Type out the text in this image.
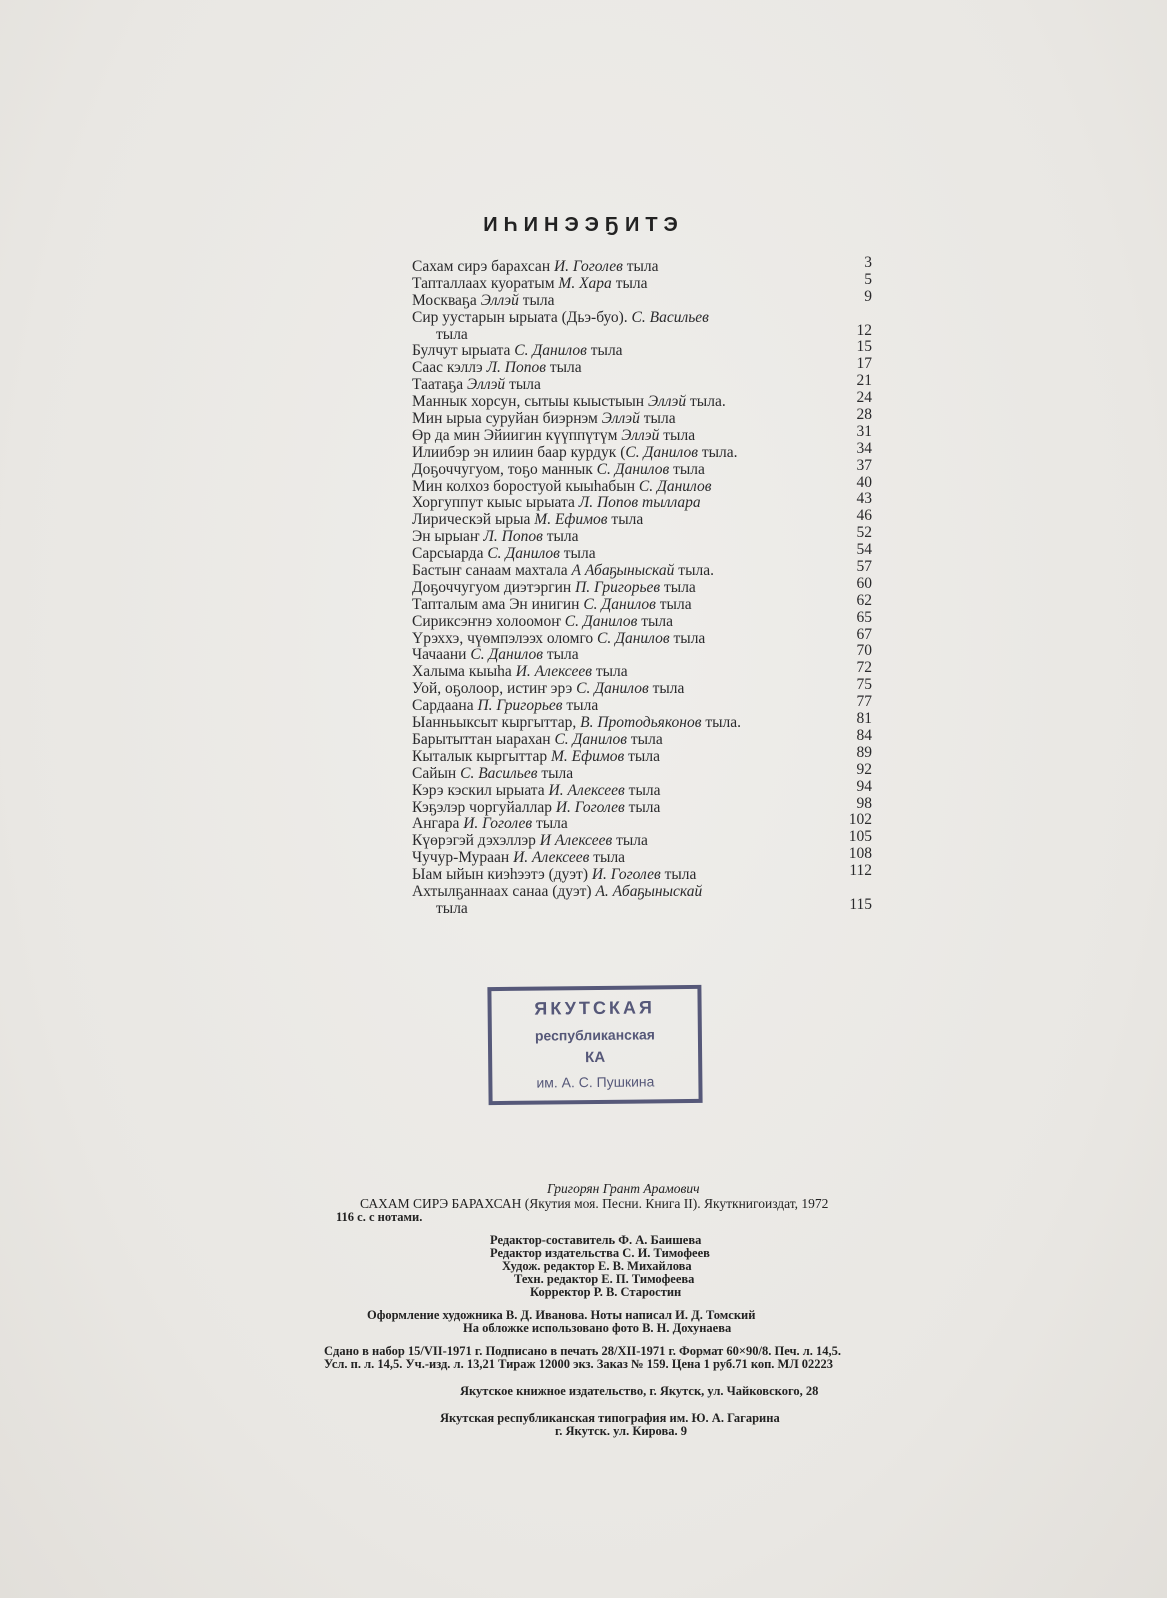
ИҺИНЭЭҔИТЭ
Сахам сирэ барахсан И. Гоголев тыла	3
Тапталлаах куоратым М. Хара тыла	5
Москваҕа Эллэй тыла	9
Сир уустарын ырыата (Дьэ-буо). С. Васильев
тыла	12
Булчут ырыата С. Данилов тыла	15
Саас кэллэ Л. Попов тыла	17
Таатаҕа Эллэй тыла	21
Маннык хорсун, сытыы кыыстыын Эллэй тыла.	24
Мин ырыа суруйан биэрнэм Эллэй тыла	28
Өр да мин Эйиигин күүппүтүм Эллэй тыла	31
Илиибэр эн илиин баар курдук (С. Данилов тыла.	34
Доҕоччугуом, тоҕо маннык С. Данилов тыла	37
Мин колхоз боростуой кыыһабын С. Данилов	40
Хоргуппут кыыс ырыата Л. Попов тыллара	43
Лирическэй ырыа М. Ефимов тыла	46
Эн ырыаҥ Л. Попов тыла	52
Сарсыарда С. Данилов тыла	54
Бастыҥ санаам махтала А Абаҕыныскай тыла.	57
Доҕоччугуом диэтэргин П. Григорьев тыла	60
Тапталым ама Эн инигин С. Данилов тыла	62
Сириксэҥнэ холоомоҥ С. Данилов тыла	65
Үрэххэ, чүөмпэлээх оломго С. Данилов тыла	67
Чачаани С. Данилов тыла	70
Халыма кыыһа И. Алексеев тыла	72
Уой, оҕолоор, истиҥ эрэ С. Данилов тыла	75
Сардаана П. Григорьев тыла	77
Ыанньыксыт кыргыттар, В. Протодьяконов тыла.	81
Барытыттан ыарахан С. Данилов тыла	84
Кыталык кыргыттар М. Ефимов тыла	89
Сайын С. Васильев тыла	92
Кэрэ кэскил ырыата И. Алексеев тыла	94
Кэҕэлэр чоргуйаллар И. Гоголев тыла	98
Ангара И. Гоголев тыла	102
Күөрэгэй дэхэллэр И Алексеев тыла	105
Чучур-Мураан И. Алексеев тыла	108
Ыам ыйын киэһээтэ (дуэт) И. Гоголев тыла	112
Ахтылҕаннаах санаа (дуэт) А. Абаҕыныскай
тыла	115
ЯКУТСКАЯ
республиканская
КА
им. А. С. Пушкина
Григорян Грант Арамович
САХАМ СИРЭ БАРАХСАН (Якутия моя. Песни. Книга II). Якуткнигоиздат, 1972
116 с. с нотами.
Редактор-составитель Ф. А. Баишева
Редактор издательства С. И. Тимофеев
Худож. редактор Е. В. Михайлова
Техн. редактор Е. П. Тимофеева
Корректор Р. В. Старостин
Оформление художника В. Д. Иванова. Ноты написал И. Д. Томский
На обложке использовано фото В. Н. Дохунаева
Сдано в набор 15/VII-1971 г. Подписано в печать 28/XII-1971 г. Формат 60×90/8. Печ. л. 14,5.
Усл. п. л. 14,5. Уч.-изд. л. 13,21 Тираж 12000 экз. Заказ № 159. Цена 1 руб.71 коп. МЛ 02223
Якутское книжное издательство, г. Якутск, ул. Чайковского, 28
Якутская республиканская типография им. Ю. А. Гагарина
г. Якутск. ул. Кирова. 9
